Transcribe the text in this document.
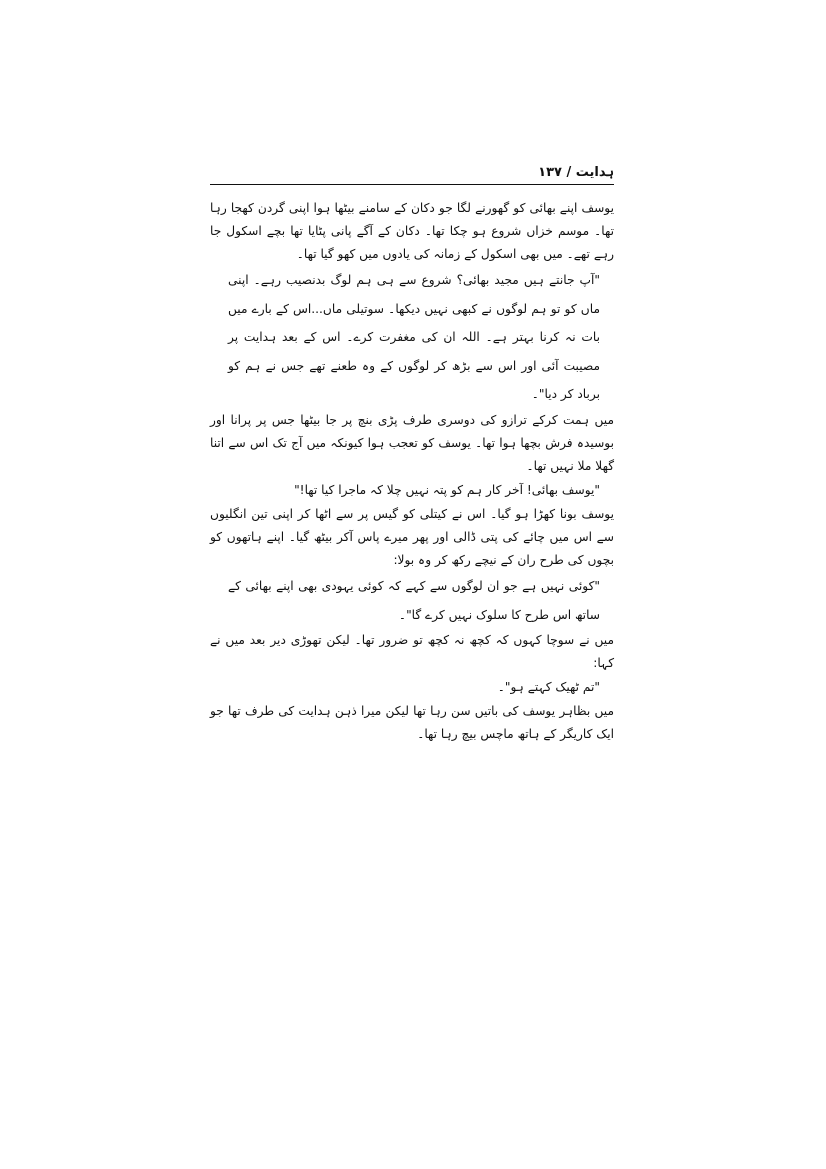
ہدایت / ۱۳۷

یوسف اپنے بھائی کو گھورنے لگا جو دکان کے سامنے بیٹھا ہوا اپنی گردن کھجا رہا تھا۔ موسم خزاں شروع ہو چکا تھا۔ دکان کے آگے پانی پٹایا تھا بچے اسکول جا رہے تھے۔ میں بھی اسکول کے زمانہ کی یادوں میں کھو گیا تھا۔

"آپ جانتے ہیں مجید بھائی؟ شروع سے ہی ہم لوگ بدنصیب رہے۔ اپنی ماں کو تو ہم لوگوں نے کبھی نہیں دیکھا۔ سوتیلی ماں...اس کے بارے میں بات نہ کرنا بہتر ہے۔ اللہ ان کی مغفرت کرے۔ اس کے بعد ہدایت پر مصیبت آئی اور اس سے بڑھ کر لوگوں کے وہ طعنے تھے جس نے ہم کو برباد کر دیا"۔

میں ہمت کرکے ترازو کی دوسری طرف پڑی بنچ پر جا بیٹھا جس پر پرانا اور بوسیدہ فرش بچھا ہوا تھا۔ یوسف کو تعجب ہوا کیونکہ میں آج تک اس سے اتنا گھلا ملا نہیں تھا۔

"یوسف بھائی! آخر کار ہم کو پتہ نہیں چلا کہ ماجرا کیا تھا!"

یوسف بونا کھڑا ہو گیا۔ اس نے کیتلی کو گیس پر سے اٹھا کر اپنی تین انگلیوں سے اس میں چائے کی پتی ڈالی اور پھر میرے پاس آکر بیٹھ گیا۔ اپنے ہاتھوں کو بچوں کی طرح ران کے نیچے رکھ کر وہ بولا:

"کوئی نہیں ہے جو ان لوگوں سے کہے کہ کوئی یہودی بھی اپنے بھائی کے ساتھ اس طرح کا سلوک نہیں کرے گا"۔

میں نے سوچا کہوں کہ کچھ نہ کچھ تو ضرور تھا۔ لیکن تھوڑی دیر بعد میں نے کہا:

"تم ٹھیک کہتے ہو"۔

میں بظاہر یوسف کی باتیں سن رہا تھا لیکن میرا ذہن ہدایت کی طرف تھا جو ایک کاریگر کے ہاتھ ماچس بیچ رہا تھا۔
